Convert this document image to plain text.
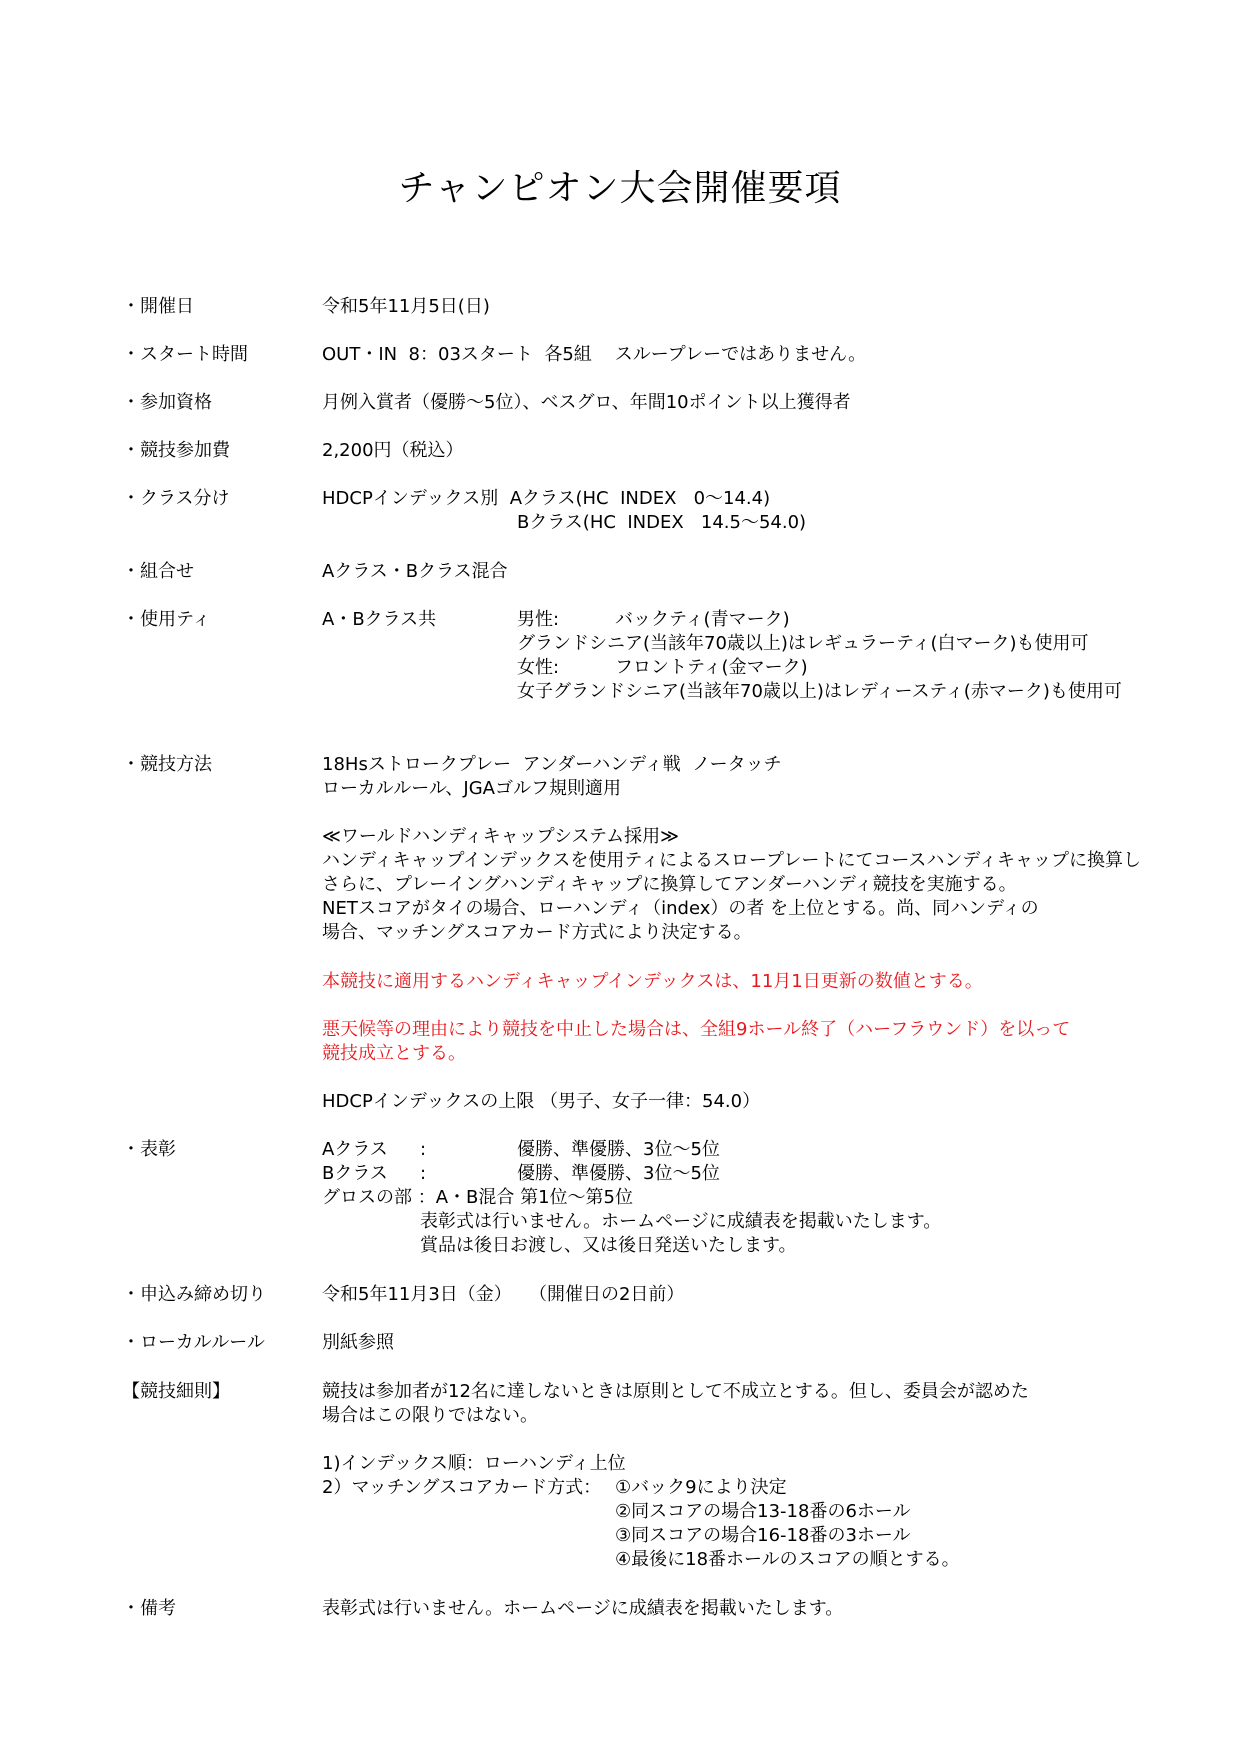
チャンピオン大会開催要項
・開催日	令和5年11月5日(日)
・スタート時間	OUT・IN  8：03スタート  各5組    スループレーではありません。
・参加資格	月例入賞者（優勝～5位）、ベスグロ、年間10ポイント以上獲得者
・競技参加費	2,200円（税込）
・クラス分け	HDCPインデックス別  Aクラス(HC  INDEX   0～14.4)
Bクラス(HC  INDEX   14.5～54.0)
・組合せ	Aクラス・Bクラス混合
・使用ティ	A・Bクラス共	男性:	バックティ(青マーク)
グランドシニア(当該年70歳以上)はレギュラーティ(白マーク)も使用可
女性:	フロントティ(金マーク)
女子グランドシニア(当該年70歳以上)はレディースティ(赤マーク)も使用可
・競技方法	18Hsストロークプレー  アンダーハンディ戦  ノータッチ
ローカルルール、JGAゴルフ規則適用
≪ワールドハンディキャップシステム採用≫
ハンディキャップインデックスを使用ティによるスロープレートにてコースハンディキャップに換算し
さらに、プレーイングハンディキャップに換算してアンダーハンディ競技を実施する。
NETスコアがタイの場合、ローハンディ（index）の者 を上位とする。尚、同ハンディの
場合、マッチングスコアカード方式により決定する。
本競技に適用するハンディキャップインデックスは、11月1日更新の数値とする。
悪天候等の理由により競技を中止した場合は、全組9ホール終了（ハーフラウンド）を以って
競技成立とする。
HDCPインデックスの上限 （男子、女子一律：54.0）
・表彰	Aクラス :	優勝、準優勝、3位～5位
Bクラス :	優勝、準優勝、3位～5位
グロスの部 ：A・B混合 第1位～第5位
表彰式は行いません。ホームページに成績表を掲載いたします。
賞品は後日お渡し、又は後日発送いたします。
・申込み締め切り	令和5年11月3日（金）   （開催日の2日前）
・ローカルルール	別紙参照
【競技細則】	競技は参加者が12名に達しないときは原則として不成立とする。但し、委員会が認めた
場合はこの限りではない。
1)インデックス順：ローハンディ上位
2）マッチングスコアカード方式： ①バック9により決定
②同スコアの場合13-18番の6ホール
③同スコアの場合16-18番の3ホール
④最後に18番ホールのスコアの順とする。
・備考	表彰式は行いません。ホームページに成績表を掲載いたします。
